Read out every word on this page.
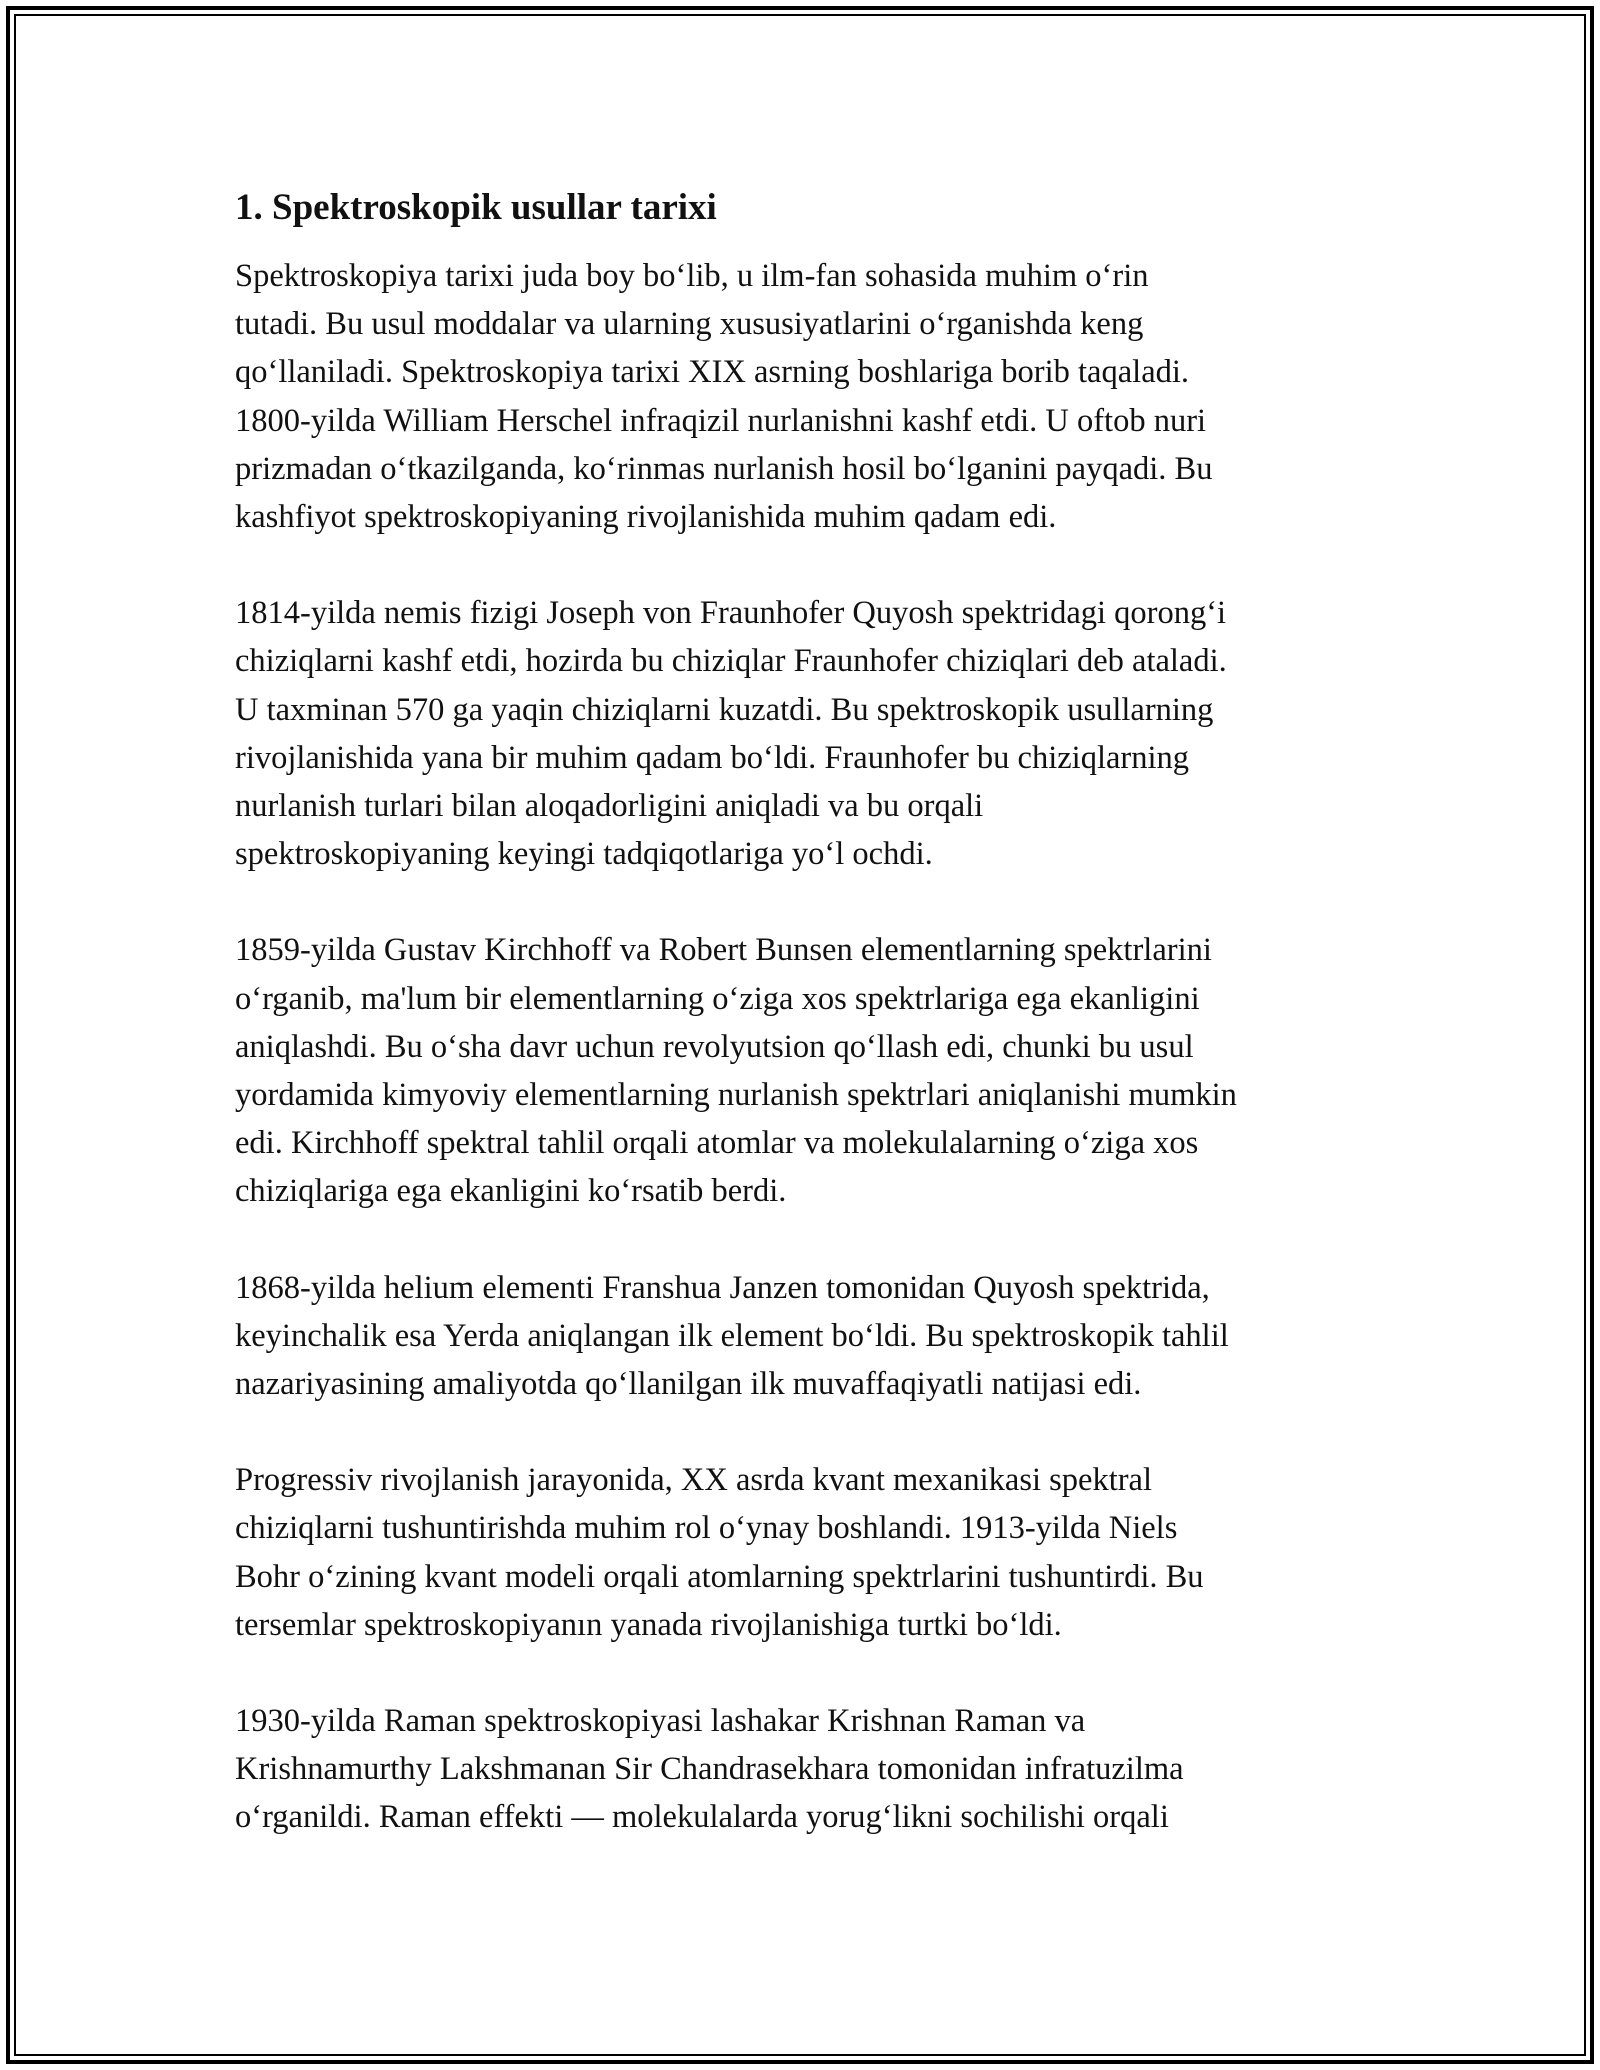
1. Spektroskopik usullar tarixi
Spektroskopiya tarixi juda boy boʻlib, u ilm-fan sohasida muhim oʻrin
tutadi. Bu usul moddalar va ularning xususiyatlarini oʻrganishda keng
qoʻllaniladi. Spektroskopiya tarixi XIX asrning boshlariga borib taqaladi.
1800-yilda William Herschel infraqizil nurlanishni kashf etdi. U oftob nuri
prizmadan oʻtkazilganda, koʻrinmas nurlanish hosil boʻlganini payqadi. Bu
kashfiyot spektroskopiyaning rivojlanishida muhim qadam edi.
1814-yilda nemis fizigi Joseph von Fraunhofer Quyosh spektridagi qorongʻi
chiziqlarni kashf etdi, hozirda bu chiziqlar Fraunhofer chiziqlari deb ataladi.
U taxminan 570 ga yaqin chiziqlarni kuzatdi. Bu spektroskopik usullarning
rivojlanishida yana bir muhim qadam boʻldi. Fraunhofer bu chiziqlarning
nurlanish turlari bilan aloqadorligini aniqladi va bu orqali
spektroskopiyaning keyingi tadqiqotlariga yoʻl ochdi.
1859-yilda Gustav Kirchhoff va Robert Bunsen elementlarning spektrlarini
oʻrganib, ma'lum bir elementlarning oʻziga xos spektrlariga ega ekanligini
aniqlashdi. Bu oʻsha davr uchun revolyutsion qoʻllash edi, chunki bu usul
yordamida kimyoviy elementlarning nurlanish spektrlari aniqlanishi mumkin
edi. Kirchhoff spektral tahlil orqali atomlar va molekulalarning oʻziga xos
chiziqlariga ega ekanligini koʻrsatib berdi.
1868-yilda helium elementi Franshua Janzen tomonidan Quyosh spektrida,
keyinchalik esa Yerda aniqlangan ilk element boʻldi. Bu spektroskopik tahlil
nazariyasining amaliyotda qoʻllanilgan ilk muvaffaqiyatli natijasi edi.
Progressiv rivojlanish jarayonida, XX asrda kvant mexanikasi spektral
chiziqlarni tushuntirishda muhim rol oʻynay boshlandi. 1913-yilda Niels
Bohr oʻzining kvant modeli orqali atomlarning spektrlarini tushuntirdi. Bu
tersemlar spektroskopiyanın yanada rivojlanishiga turtki boʻldi.
1930-yilda Raman spektroskopiyasi lashakar Krishnan Raman va
Krishnamurthy Lakshmanan Sir Chandrasekhara tomonidan infratuzilma
oʻrganildi. Raman effekti — molekulalarda yorugʻlikni sochilishi orqali
